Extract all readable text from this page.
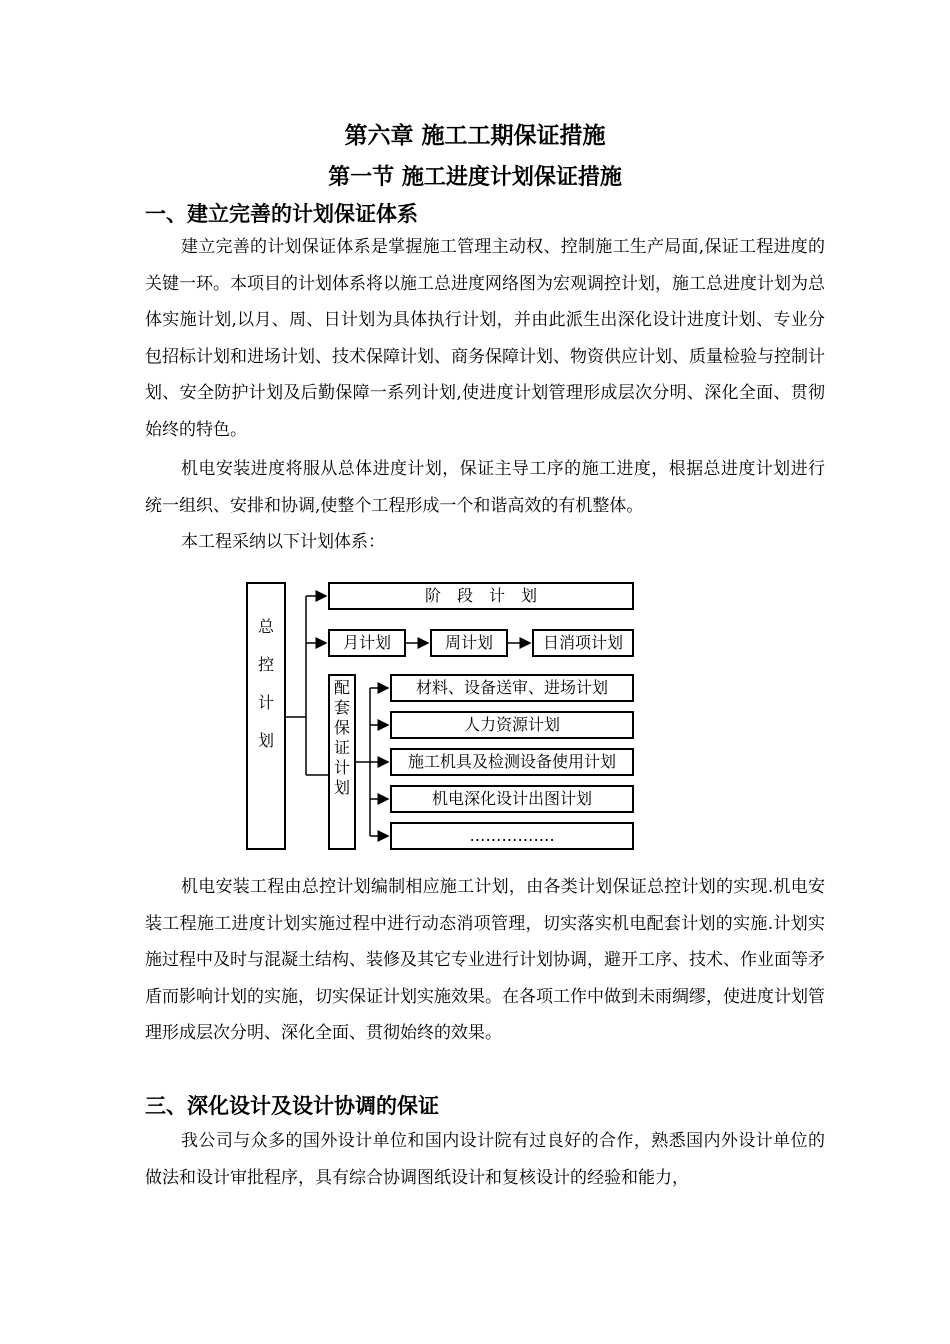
第六章 施工工期保证措施
第一节 施工进度计划保证措施
一、建立完善的计划保证体系

建立完善的计划保证体系是掌握施工管理主动权、控制施工生产局面,保证工程进度的关键一环。本项目的计划体系将以施工总进度网络图为宏观调控计划，施工总进度计划为总体实施计划,以月、周、日计划为具体执行计划，并由此派生出深化设计进度计划、专业分包招标计划和进场计划、技术保障计划、商务保障计划、物资供应计划、质量检验与控制计划、安全防护计划及后勤保障一系列计划,使进度计划管理形成层次分明、深化全面、贯彻始终的特色。

机电安装进度将服从总体进度计划，保证主导工序的施工进度，根据总进度计划进行统一组织、安排和协调,使整个工程形成一个和谐高效的有机整体。

本工程采纳以下计划体系：

总
控
计
划
阶　段　计　划
月计划	周计划	日消项计划
配
套
保
证
计
划
材料、设备送审、进场计划
人力资源计划
施工机具及检测设备使用计划
机电深化设计出图计划
…………….

机电安装工程由总控计划编制相应施工计划，由各类计划保证总控计划的实现.机电安装工程施工进度计划实施过程中进行动态消项管理，切实落实机电配套计划的实施.计划实施过程中及时与混凝土结构、装修及其它专业进行计划协调，避开工序、技术、作业面等矛盾而影响计划的实施，切实保证计划实施效果。在各项工作中做到未雨绸缪，使进度计划管理形成层次分明、深化全面、贯彻始终的效果。

三、深化设计及设计协调的保证

我公司与众多的国外设计单位和国内设计院有过良好的合作，熟悉国内外设计单位的做法和设计审批程序，具有综合协调图纸设计和复核设计的经验和能力，
